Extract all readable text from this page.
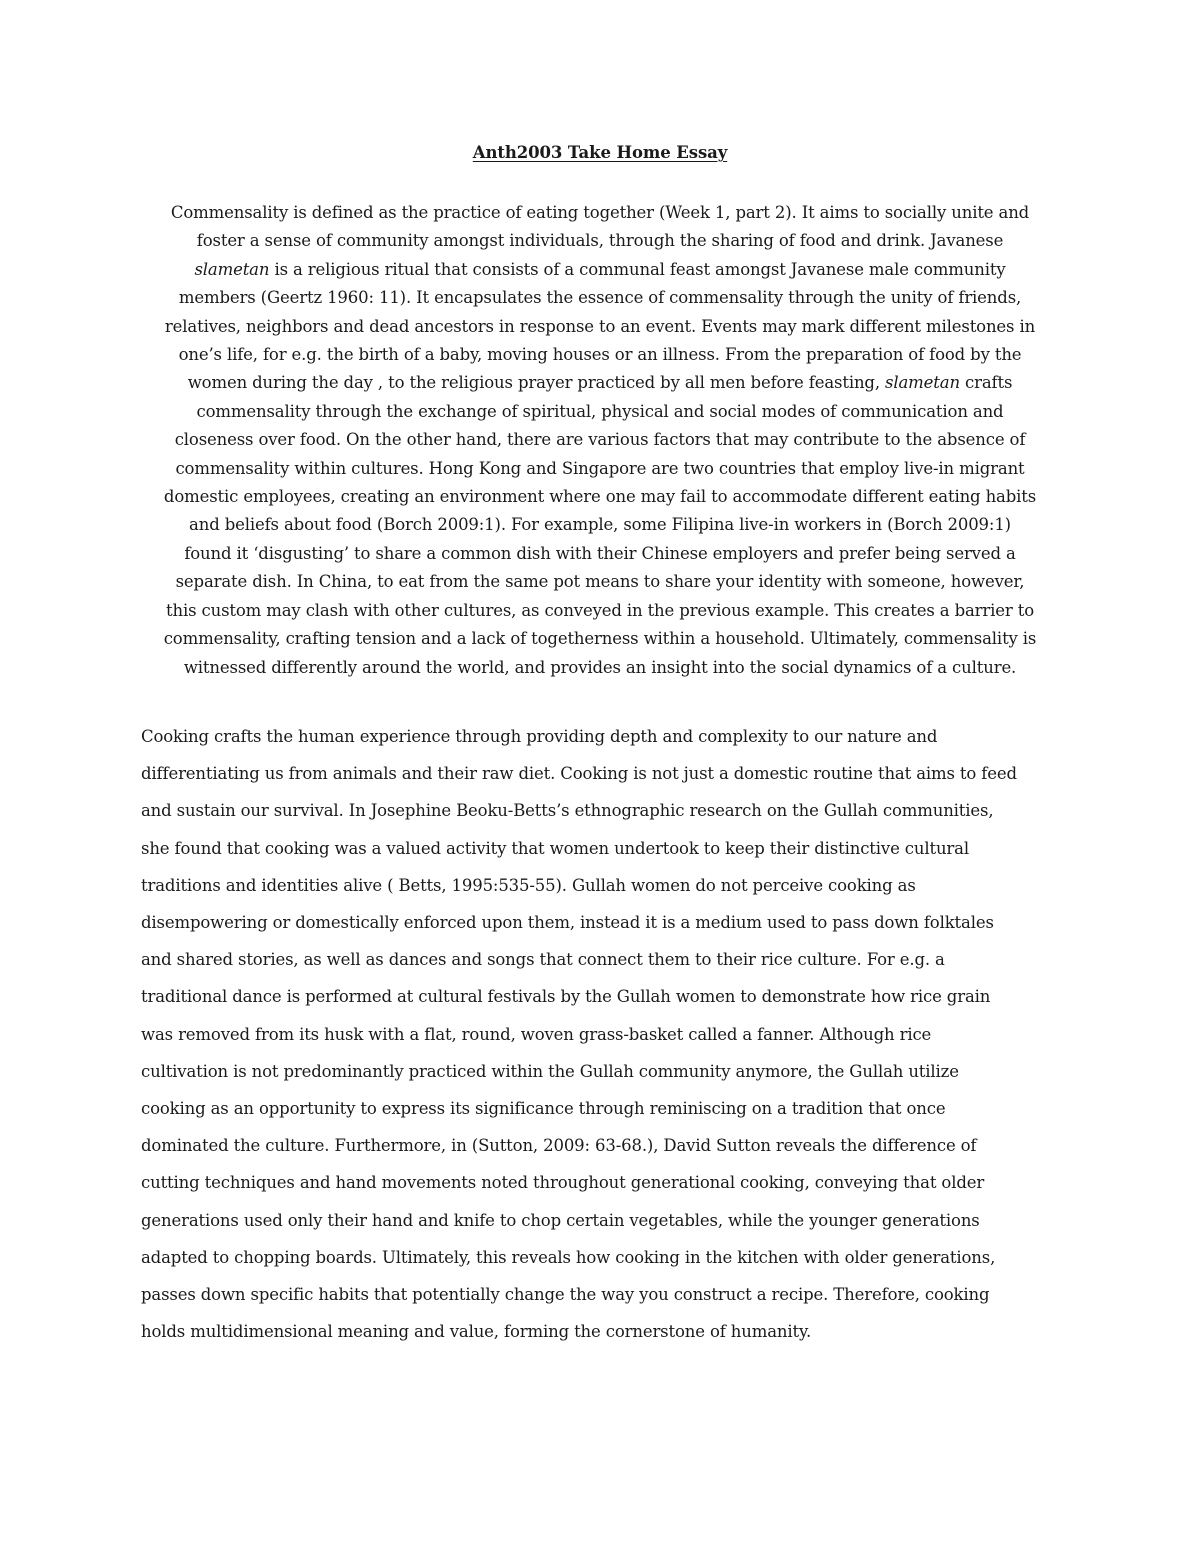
Anth2003 Take Home Essay

Commensality is defined as the practice of eating together (Week 1, part 2). It aims to socially unite and
foster a sense of community amongst individuals, through the sharing of food and drink. Javanese
slametan is a religious ritual that consists of a communal feast amongst Javanese male community
members (Geertz 1960: 11). It encapsulates the essence of commensality through the unity of friends,
relatives, neighbors and dead ancestors in response to an event. Events may mark different milestones in
one’s life, for e.g. the birth of a baby, moving houses or an illness. From the preparation of food by the
women during the day , to the religious prayer practiced by all men before feasting, slametan crafts
commensality through the exchange of spiritual, physical and social modes of communication and
closeness over food. On the other hand, there are various factors that may contribute to the absence of
commensality within cultures. Hong Kong and Singapore are two countries that employ live-in migrant
domestic employees, creating an environment where one may fail to accommodate different eating habits
and beliefs about food (Borch 2009:1). For example, some Filipina live-in workers in (Borch 2009:1)
found it ‘disgusting’ to share a common dish with their Chinese employers and prefer being served a
separate dish. In China, to eat from the same pot means to share your identity with someone, however,
this custom may clash with other cultures, as conveyed in the previous example. This creates a barrier to
commensality, crafting tension and a lack of togetherness within a household. Ultimately, commensality is
witnessed differently around the world, and provides an insight into the social dynamics of a culture.

Cooking crafts the human experience through providing depth and complexity to our nature and
differentiating us from animals and their raw diet. Cooking is not just a domestic routine that aims to feed
and sustain our survival. In Josephine Beoku-Betts’s ethnographic research on the Gullah communities,
she found that cooking was a valued activity that women undertook to keep their distinctive cultural
traditions and identities alive ( Betts, 1995:535-55). Gullah women do not perceive cooking as
disempowering or domestically enforced upon them, instead it is a medium used to pass down folktales
and shared stories, as well as dances and songs that connect them to their rice culture. For e.g. a
traditional dance is performed at cultural festivals by the Gullah women to demonstrate how rice grain
was removed from its husk with a flat, round, woven grass-basket called a fanner. Although rice
cultivation is not predominantly practiced within the Gullah community anymore, the Gullah utilize
cooking as an opportunity to express its significance through reminiscing on a tradition that once
dominated the culture. Furthermore, in (Sutton, 2009: 63-68.), David Sutton reveals the difference of
cutting techniques and hand movements noted throughout generational cooking, conveying that older
generations used only their hand and knife to chop certain vegetables, while the younger generations
adapted to chopping boards. Ultimately, this reveals how cooking in the kitchen with older generations,
passes down specific habits that potentially change the way you construct a recipe. Therefore, cooking
holds multidimensional meaning and value, forming the cornerstone of humanity.
